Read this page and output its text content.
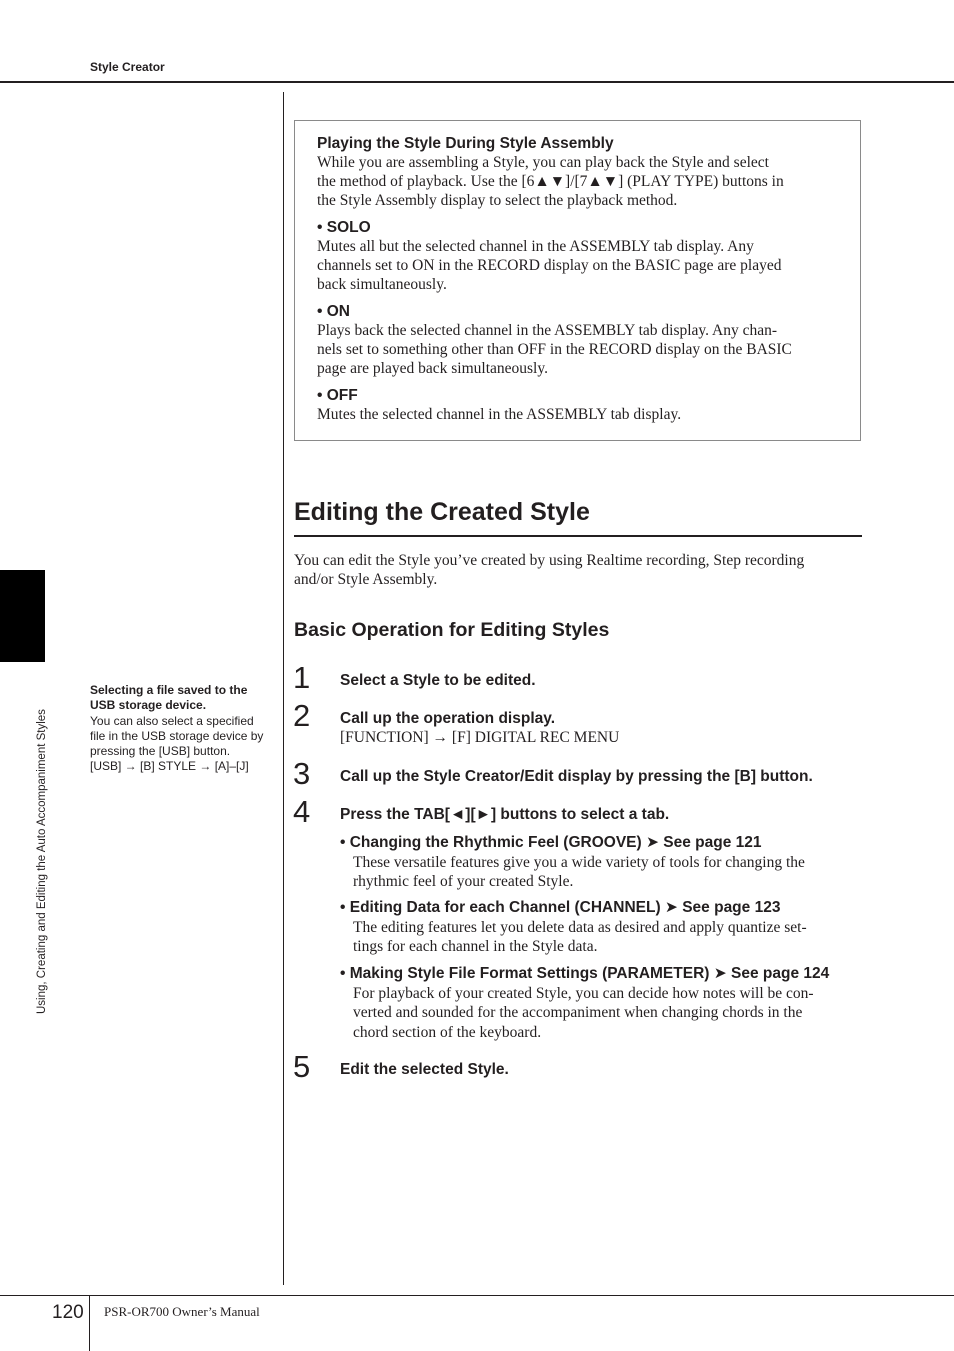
Style Creator
Using, Creating and Editing the Auto Accompaniment Styles
Selecting a file saved to the
USB storage device.
You can also select a specified
file in the USB storage device by
pressing the [USB] button.
[USB] → [B] STYLE → [A]–[J]
Playing the Style During Style Assembly
While you are assembling a Style, you can play back the Style and select
the method of playback. Use the [6▲▼]/[7▲▼] (PLAY TYPE) buttons in
the Style Assembly display to select the playback method.
• SOLO
Mutes all but the selected channel in the ASSEMBLY tab display. Any
channels set to ON in the RECORD display on the BASIC page are played
back simultaneously.
• ON
Plays back the selected channel in the ASSEMBLY tab display. Any chan-
nels set to something other than OFF in the RECORD display on the BASIC
page are played back simultaneously.
• OFF
Mutes the selected channel in the ASSEMBLY tab display.
Editing the Created Style
You can edit the Style you’ve created by using Realtime recording, Step recording
and/or Style Assembly.
Basic Operation for Editing Styles
1 Select a Style to be edited.
2 Call up the operation display.
[FUNCTION] → [F] DIGITAL REC MENU
3 Call up the Style Creator/Edit display by pressing the [B] button.
4 Press the TAB[◄][►] buttons to select a tab.
• Changing the Rhythmic Feel (GROOVE) ➤ See page 121
These versatile features give you a wide variety of tools for changing the
rhythmic feel of your created Style.
• Editing Data for each Channel (CHANNEL) ➤ See page 123
The editing features let you delete data as desired and apply quantize set-
tings for each channel in the Style data.
• Making Style File Format Settings (PARAMETER) ➤ See page 124
For playback of your created Style, you can decide how notes will be con-
verted and sounded for the accompaniment when changing chords in the
chord section of the keyboard.
5 Edit the selected Style.
120 PSR-OR700 Owner’s Manual
